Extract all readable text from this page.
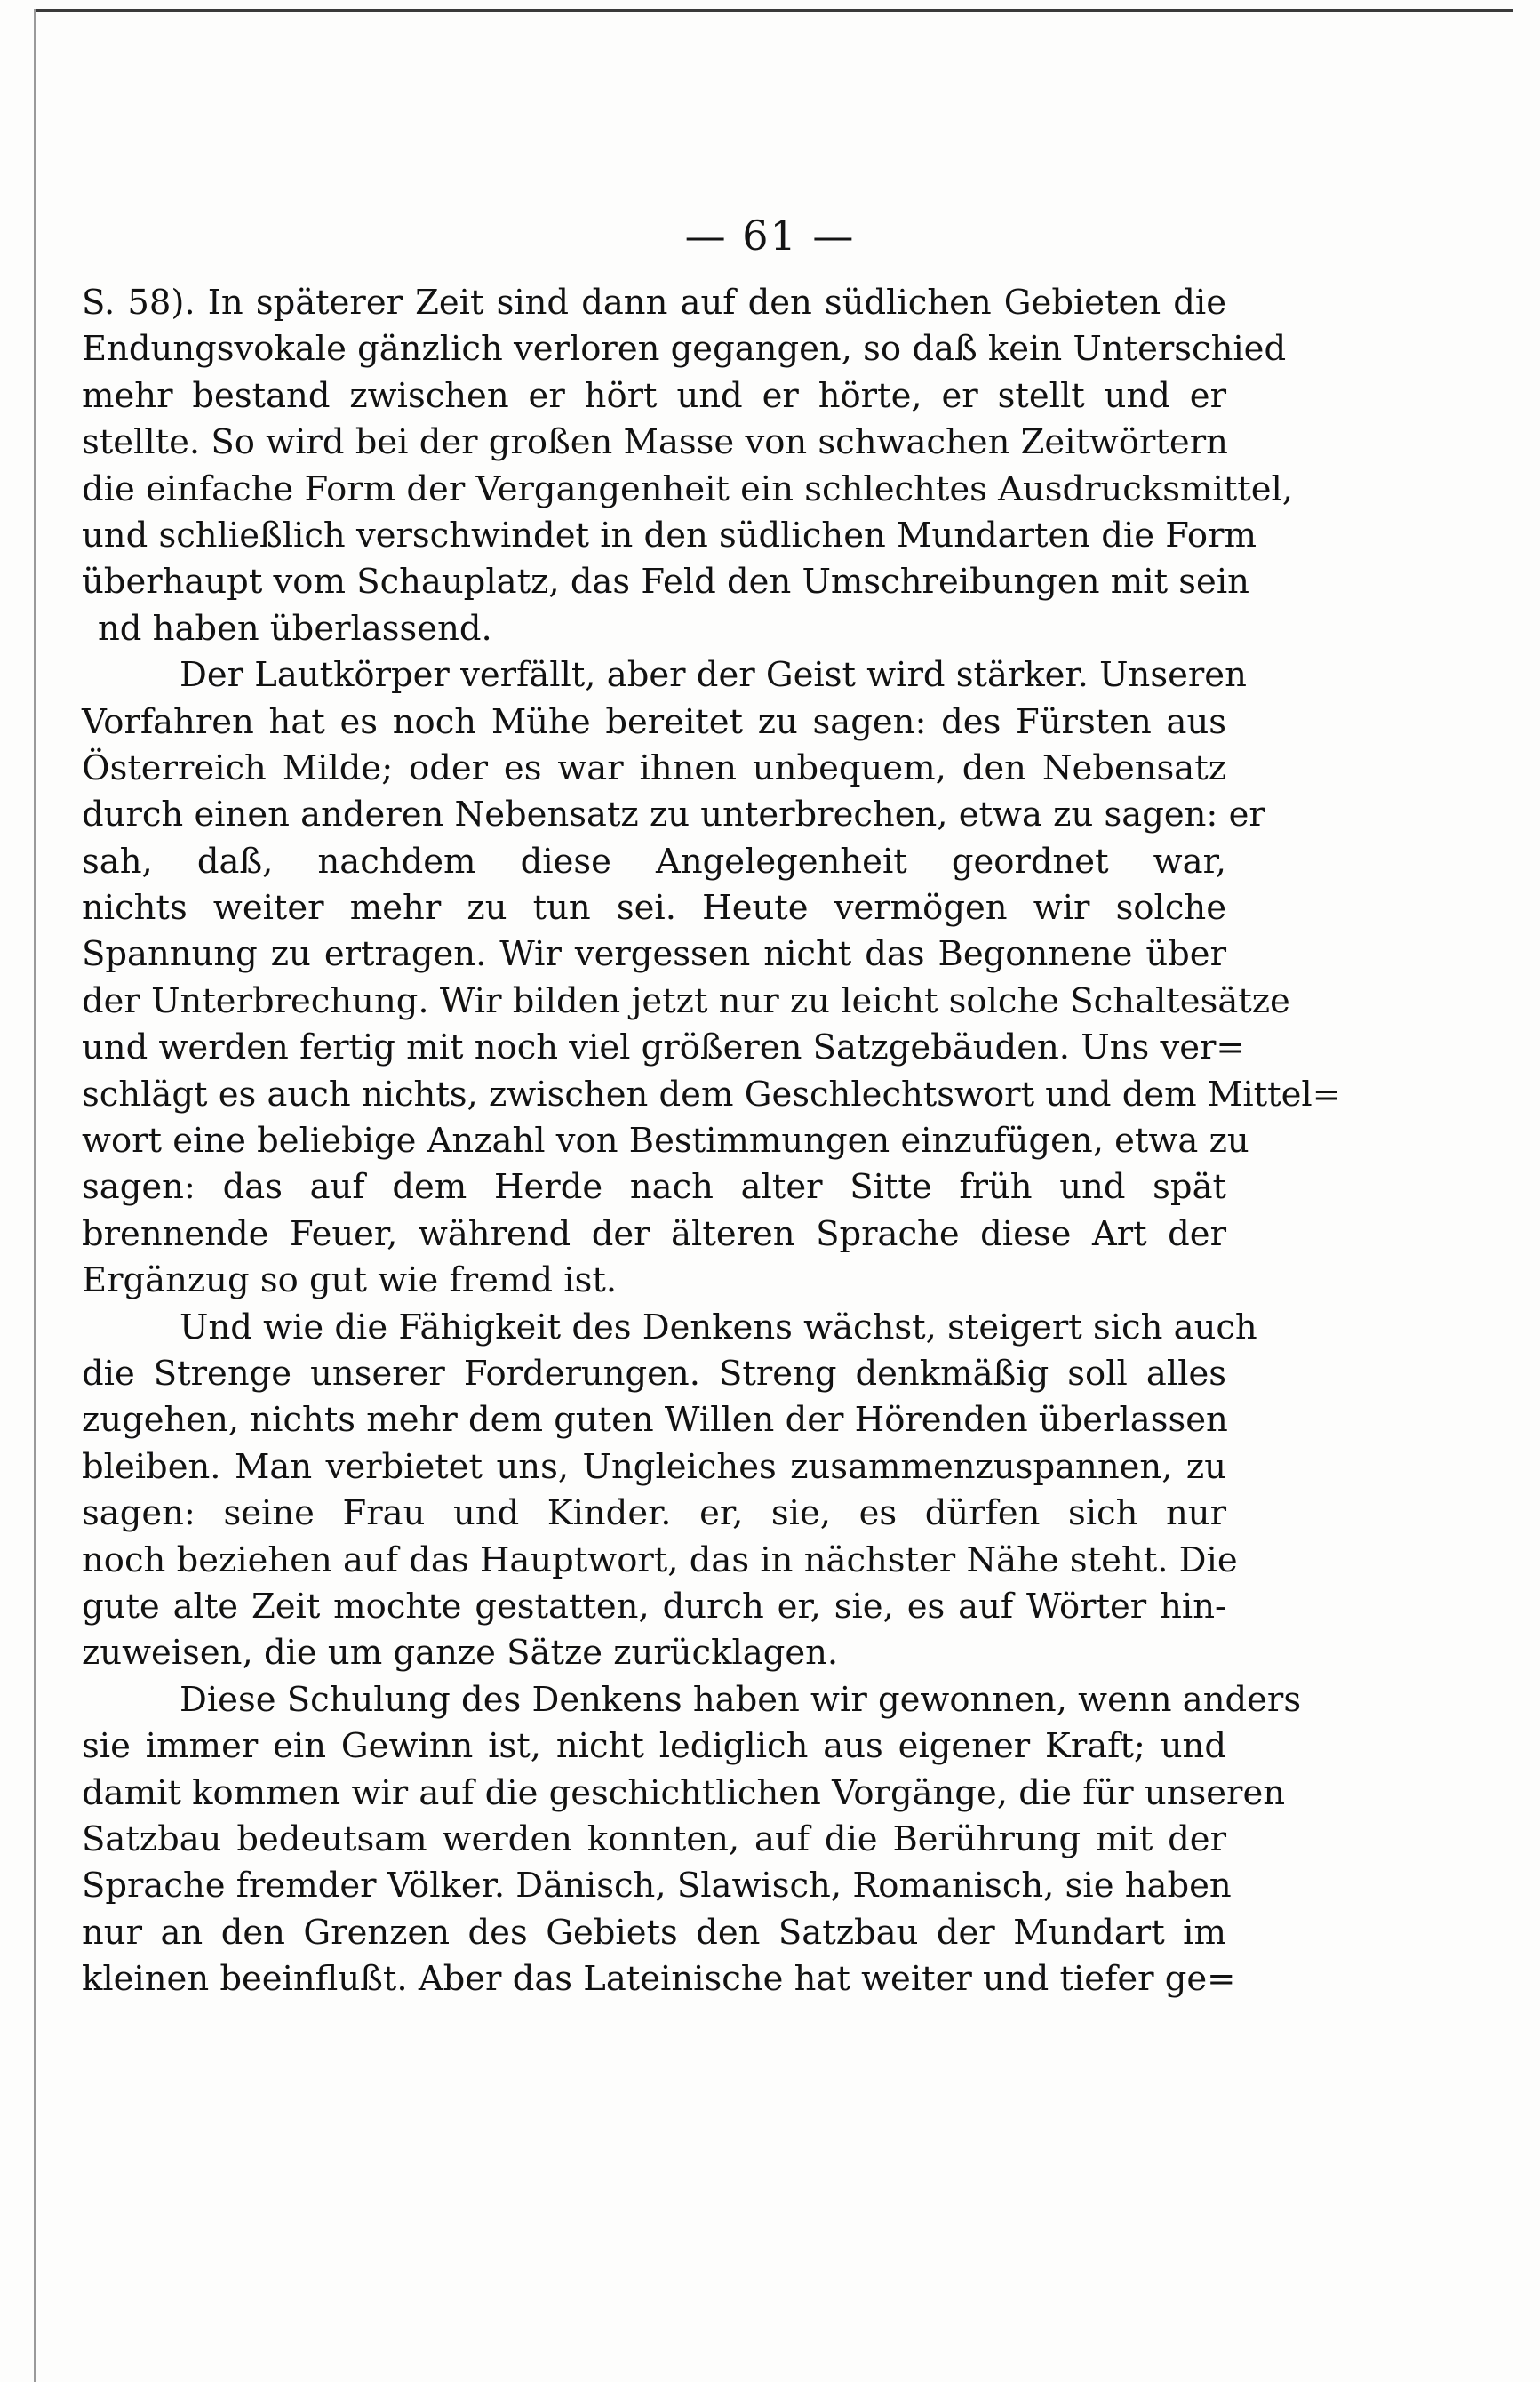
— 61 —
S. 58). In späterer Zeit sind dann auf den südlichen Gebieten die
Endungsvokale gänzlich verloren gegangen, so daß kein Unterschied
mehr bestand zwischen er hört und er hörte, er stellt und er
stellte. So wird bei der großen Masse von schwachen Zeitwörtern
die einfache Form der Vergangenheit ein schlechtes Ausdrucksmittel,
und schließlich verschwindet in den südlichen Mundarten die Form
überhaupt vom Schauplatz, das Feld den Umschreibungen mit sein
nd haben überlassend.
Der Lautkörper verfällt, aber der Geist wird stärker. Unseren
Vorfahren hat es noch Mühe bereitet zu sagen: des Fürsten aus
Österreich Milde; oder es war ihnen unbequem, den Nebensatz
durch einen anderen Nebensatz zu unterbrechen, etwa zu sagen: er
sah, daß, nachdem diese Angelegenheit geordnet war,
nichts weiter mehr zu tun sei. Heute vermögen wir solche
Spannung zu ertragen. Wir vergessen nicht das Begonnene über
der Unterbrechung. Wir bilden jetzt nur zu leicht solche Schaltesätze
und werden fertig mit noch viel größeren Satzgebäuden. Uns ver=
schlägt es auch nichts, zwischen dem Geschlechtswort und dem Mittel=
wort eine beliebige Anzahl von Bestimmungen einzufügen, etwa zu
sagen: das auf dem Herde nach alter Sitte früh und spät
brennende Feuer, während der älteren Sprache diese Art der
Ergänzug so gut wie fremd ist.
Und wie die Fähigkeit des Denkens wächst, steigert sich auch
die Strenge unserer Forderungen. Streng denkmäßig soll alles
zugehen, nichts mehr dem guten Willen der Hörenden überlassen
bleiben. Man verbietet uns, Ungleiches zusammenzuspannen, zu
sagen: seine Frau und Kinder. er, sie, es dürfen sich nur
noch beziehen auf das Hauptwort, das in nächster Nähe steht. Die
gute alte Zeit mochte gestatten, durch er, sie, es auf Wörter hin-
zuweisen, die um ganze Sätze zurücklagen.
Diese Schulung des Denkens haben wir gewonnen, wenn anders
sie immer ein Gewinn ist, nicht lediglich aus eigener Kraft; und
damit kommen wir auf die geschichtlichen Vorgänge, die für unseren
Satzbau bedeutsam werden konnten, auf die Berührung mit der
Sprache fremder Völker. Dänisch, Slawisch, Romanisch, sie haben
nur an den Grenzen des Gebiets den Satzbau der Mundart im
kleinen beeinflußt. Aber das Lateinische hat weiter und tiefer ge=
